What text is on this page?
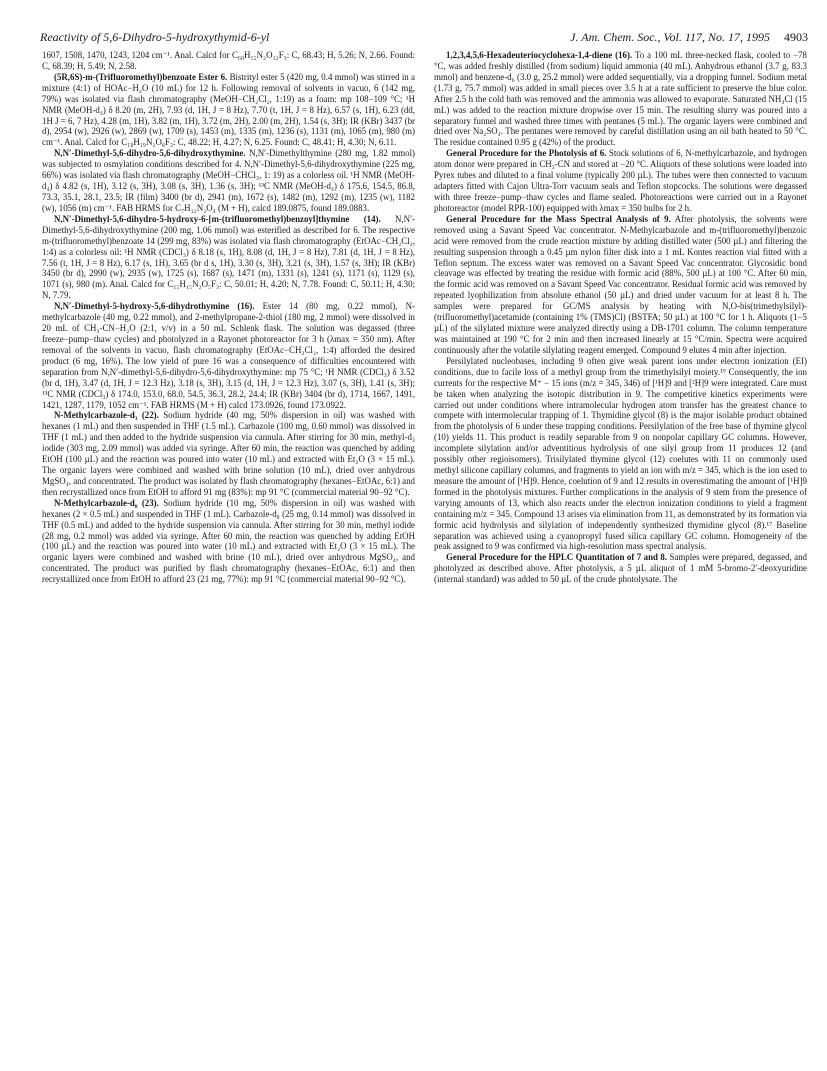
Reactivity of 5,6-Dihydro-5-hydroxythymid-6-yl	J. Am. Chem. Soc., Vol. 117, No. 17, 1995 4903

1607, 1508, 1470, 1243, 1204 cm⁻¹. Anal. Calcd for C₆₀H₅₅N₂O₁₂F₃: C, 68.43; H, 5.26; N, 2.66. Found: C, 68.39; H, 5.49; N, 2.58.

(5R,6S)-m-(Trifluoromethyl)benzoate Ester 6. Bistrityl ester 5 (420 mg, 0.4 mmol) was stirred in a mixture (4:1) of HOAc−H₂O (10 mL) for 12 h. Following removal of solvents in vacuo, 6 (142 mg, 79%) was isolated via flash chromatography (MeOH−CH₂Cl₂, 1:19) as a foam: mp 108−109 °C; ¹H NMR (MeOH-d₄) δ 8.20 (m, 2H), 7.93 (d, 1H, J = 8 Hz), 7.70 (t, 1H, J = 8 Hz), 6.57 (s, 1H), 6.23 (dd, 1H J = 6, 7 Hz), 4.28 (m, 1H), 3.82 (m, 1H), 3.72 (m, 2H), 2.00 (m, 2H), 1.54 (s, 3H); IR (KBr) 3437 (br d), 2954 (w), 2926 (w), 2869 (w), 1709 (s), 1453 (m), 1335 (m), 1236 (s), 1131 (m), 1065 (m), 980 (m) cm⁻¹. Anal. Calcd for C₁₈H₁₉N₂O₈F₃: C, 48.22; H, 4.27; N, 6.25. Found: C, 48.41; H, 4.30; N, 6.11.

N,N′-Dimethyl-5,6-dihydro-5,6-dihydroxythymine. N,N′-Dimethylthymine (280 mg, 1.82 mmol) was subjected to osmylation conditions described for 4. N,N′-Dimethyl-5,6-dihydroxythymine (225 mg, 66%) was isolated via flash chromatography (MeOH−CHCl₃, 1: 19) as a colorless oil. ¹H NMR (MeOH-d₄) δ 4.82 (s, 1H), 3.12 (s, 3H), 3.08 (s, 3H), 1.36 (s, 3H); ¹³C NMR (MeOH-d₄) δ 175.6, 154.5, 86.8, 73.3, 35.1, 28.1, 23.5; IR (film) 3400 (br d), 2941 (m), 1672 (s), 1482 (m), 1292 (m), 1235 (w), 1182 (w), 1056 (m) cm⁻¹. FAB HRMS for C₇H₁₂N₂O₄ (M + H), calcd 189.0875, found 189.0883.

N,N′-Dimethyl-5,6-dihydro-5-hydroxy-6-[m-(trifluoromethyl)benzoyl]thymine (14). N,N′-Dimethyl-5,6-dihydroxythymine (200 mg, 1.06 mmol) was esterified as described for 6. The respective m-(trifluoromethyl)benzoate 14 (299 mg, 83%) was isolated via flash chromatography (EtOAc−CH₂Cl₂, 1:4) as a colorless oil: ¹H NMR (CDCl₃) δ 8.18 (s, 1H), 8.08 (d, 1H, J = 8 Hz), 7.81 (d, 1H, J = 8 Hz), 7.56 (t, 1H, J = 8 Hz), 6.17 (s, 1H), 3.65 (br d s, 1H), 3.30 (s, 3H), 3.21 (s, 3H), 1.57 (s, 3H); IR (KBr) 3450 (br d), 2990 (w), 2935 (w), 1725 (s), 1687 (s), 1471 (m), 1331 (s), 1241 (s), 1171 (s), 1129 (s), 1071 (s), 980 (m). Anal. Calcd for C₁₅H₁₅N₂O₅F₃: C, 50.01; H, 4.20; N, 7.78. Found: C, 50.11; H, 4.30; N, 7.79.

N,N′-Dimethyl-5-hydroxy-5,6-dihydrothymine (16). Ester 14 (80 mg, 0.22 mmol), N-methylcarbazole (40 mg, 0.22 mmol), and 2-methylpropane-2-thiol (180 mg, 2 mmol) were dissolved in 20 mL of CH₃-CN−H₂O (2:1, v/v) in a 50 mL Schlenk flask. The solution was degassed (three freeze−pump−thaw cycles) and photolyzed in a Rayonet photoreactor for 3 h (λmax = 350 nm). After removal of the solvents in vacuo, flash chromatography (EtOAc−CH₂Cl₂, 1:4) afforded the desired product (6 mg, 16%). The low yield of pure 16 was a consequence of difficulties encountered with separation from N,N′-dimethyl-5,6-dihydro-5,6-dihydroxythymine: mp 75 °C; ¹H NMR (CDCl₃) δ 3.52 (br d, 1H), 3.47 (d, 1H, J = 12.3 Hz), 3.18 (s, 3H), 3.15 (d, 1H, J = 12.3 Hz), 3.07 (s, 3H), 1.41 (s, 3H); ¹³C NMR (CDCl₃) δ 174.0, 153.0, 68.0, 54.5, 36.3, 28.2, 24.4; IR (KBr) 3404 (br d), 1714, 1667, 1491, 1421, 1287, 1179, 1052 cm⁻¹. FAB HRMS (M + H) calcd 173.0926, found 173.0922.

N-Methylcarbazole-d₃ (22). Sodium hydride (40 mg, 50% dispersion in oil) was washed with hexanes (1 mL) and then suspended in THF (1.5 mL). Carbazole (100 mg, 0.60 mmol) was dissolved in THF (1 mL) and then added to the hydride suspension via cannula. After stirring for 30 min, methyl-d₃ iodide (303 mg, 2.09 mmol) was added via syringe. After 60 min, the reaction was quenched by adding EtOH (100 µL) and the reaction was poured into water (10 mL) and extracted with Et₂O (3 × 15 mL). The organic layers were combined and washed with brine solution (10 mL), dried over anhydrous MgSO₄, and concentrated. The product was isolated by flash chromatography (hexanes−EtOAc, 6:1) and then recrystallized once from EtOH to afford 91 mg (83%): mp 91 °C (commercial material 90−92 °C).

N-Methylcarbazole-d₈ (23). Sodium hydride (10 mg, 50% dispersion in oil) was washed with hexanes (2 × 0.5 mL) and suspended in THF (1 mL). Carbazole-d₈ (25 mg, 0.14 mmol) was dissolved in THF (0.5 mL) and added to the hydride suspension via cannula. After stirring for 30 min, methyl iodide (28 mg, 0.2 mmol) was added via syringe. After 60 min, the reaction was quenched by adding EtOH (100 µL) and the reaction was poured into water (10 mL) and extracted with Et₂O (3 × 15 mL). The organic layers were combined and washed with brine (10 mL), dried over anhydrous MgSO₄, and concentrated. The product was purified by flash chromatography (hexanes−EtOAc, 6:1) and then recrystallized once from EtOH to afford 23 (21 mg, 77%): mp 91 °C (commercial material 90−92 °C).

1,2,3,4,5,6-Hexadeuteriocyclohexa-1,4-diene (16). To a 100 mL three-necked flask, cooled to −78 °C, was added freshly distilled (from sodium) liquid ammonia (40 mL). Anhydrous ethanol (3.7 g, 83.3 mmol) and benzene-d₆ (3.0 g, 25.2 mmol) were added sequentially, via a dropping funnel. Sodium metal (1.73 g, 75.7 mmol) was added in small pieces over 3.5 h at a rate sufficient to preserve the blue color. After 2.5 h the cold bath was removed and the ammonia was allowed to evaporate. Saturated NH₄Cl (15 mL) was added to the reaction mixture dropwise over 15 min. The resulting slurry was poured into a separatory funnel and washed three times with pentanes (5 mL). The organic layers were combined and dried over Na₂SO₄. The pentanes were removed by careful distillation using an oil bath heated to 50 °C. The residue contained 0.95 g (42%) of the product.

General Procedure for the Photolysis of 6. Stock solutions of 6, N-methylcarbazole, and hydrogen atom donor were prepared in CH₃-CN and stored at −20 °C. Aliquots of these solutions were loaded into Pyrex tubes and diluted to a final volume (typically 200 µL). The tubes were then connected to vacuum adapters fitted with Cajon Ultra-Torr vacuum seals and Teflon stopcocks. The solutions were degassed with three freeze−pump−thaw cycles and flame sealed. Photoreactions were carried out in a Rayonet photoreactor (model RPR-100) equipped with λmax = 350 bulbs for 2 h.

General Procedure for the Mass Spectral Analysis of 9. After photolysis, the solvents were removed using a Savant Speed Vac concentrator. N-Methylcarbazole and m-(trifluoromethyl)benzoic acid were removed from the crude reaction mixture by adding distilled water (500 µL) and filtering the resulting suspension through a 0.45 µm nylon filter disk into a 1 mL Kontes reaction vial fitted with a Teflon septum. The excess water was removed on a Savant Speed Vac concentrator. Glycosidic bond cleavage was effected by treating the residue with formic acid (88%, 500 µL) at 100 °C. After 60 min, the formic acid was removed on a Savant Speed Vac concentrator. Residual formic acid was removed by repeated lyophilization from absolute ethanol (50 µL) and dried under vacuum for at least 8 h. The samples were prepared for GC/MS analysis by heating with N,O-bis(trimethylsilyl)-(trifluoromethyl)acetamide (containing 1% (TMS)Cl) (BSTFA; 50 µL) at 100 °C for 1 h. Aliquots (1−5 µL) of the silylated mixture were analyzed directly using a DB-1701 column. The column temperature was maintained at 190 °C for 2 min and then increased linearly at 15 °C/min. Spectra were acquired continuously after the volatile silylating reagent emerged. Compound 9 elutes 4 min after injection.

Persilylated nucleobases, including 9 often give weak parent ions under electron ionization (EI) conditions, due to facile loss of a methyl group from the trimethylsilyl moiety.¹⁹ Consequently, the ion currents for the respective M⁺ − 15 ions (m/z = 345, 346) of [¹H]9 and [²H]9 were integrated. Care must be taken when analyzing the isotopic distribution in 9. The competitive kinetics experiments were carried out under conditions where intramolecular hydrogen atom transfer has the greatest chance to compete with intermolecular trapping of 1. Thymidine glycol (8) is the major isolable product obtained from the photolysis of 6 under these trapping conditions. Persilylation of the free base of thymine glycol (10) yields 11. This product is readily separable from 9 on nonpolar capillary GC columns. However, incomplete silylation and/or adventitious hydrolysis of one silyl group from 11 produces 12 (and possibly other regioisomers). Trisilylated thymine glycol (12) coelutes with 11 on commonly used methyl silicone capillary columns, and fragments to yield an ion with m/z = 345, which is the ion used to measure the amount of [¹H]9. Hence, coelution of 9 and 12 results in overestimating the amount of [¹H]9 formed in the photolysis mixtures. Further complications in the analysis of 9 stem from the presence of varying amounts of 13, which also reacts under the electron ionization conditions to yield a fragment containing m/z = 345. Compound 13 arises via elimination from 11, as demonstrated by its formation via formic acid hydrolysis and silylation of independently synthesized thymidine glycol (8).¹⁷ Baseline separation was achieved using a cyanopropyl fused silica capillary GC column. Homogeneity of the peak assigned to 9 was confirmed via high-resolution mass spectral analysis.

General Procedure for the HPLC Quantitation of 7 and 8. Samples were prepared, degassed, and photolyzed as described above. After photolysis, a 5 µL aliquot of 1 mM 5-bromo-2′-deoxyuridine (internal standard) was added to 50 µL of the crude photolysate. The
